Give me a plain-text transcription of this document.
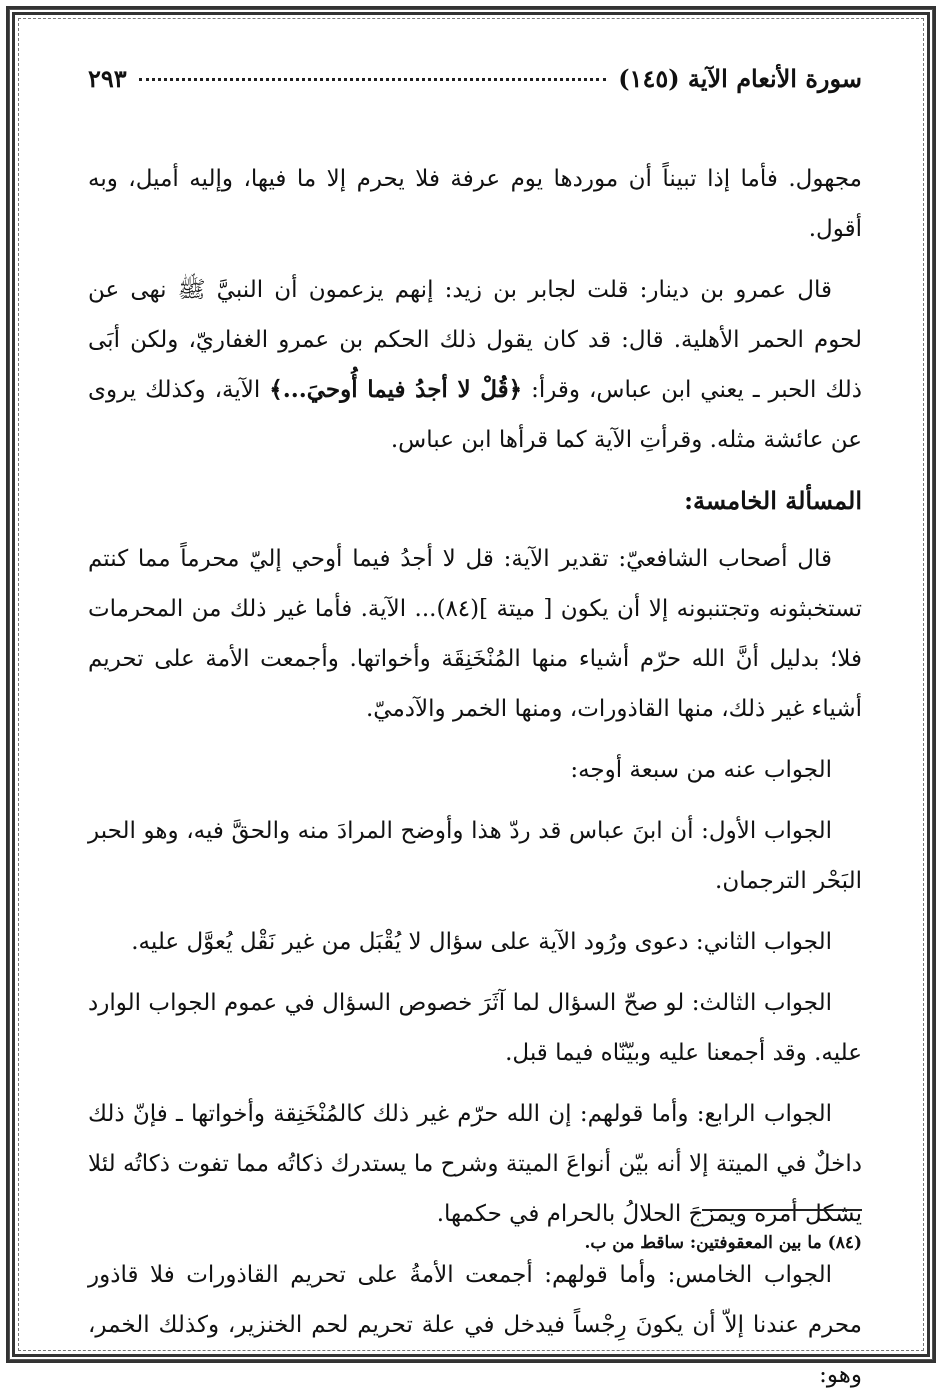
سورة الأنعام الآية (١٤٥)
٢٩٣

مجهول. فأما إذا تبيناً أن موردها يوم عرفة فلا يحرم إلا ما فيها، وإليه أميل، وبه أقول.

قال عمرو بن دينار: قلت لجابر بن زيد: إنهم يزعمون أن النبيَّ ﷺ نهى عن لحوم الحمر الأهلية. قال: قد كان يقول ذلك الحكم بن عمرو الغفاريّ، ولكن أبَى ذلك الحبر ـ يعني ابن عباس، وقرأ: ﴿قُلْ لا أجدُ فيما أُوحيَ...﴾ الآية، وكذلك يروى عن عائشة مثله. وقرأتِ الآية كما قرأها ابن عباس.

المسألة الخامسة:

قال أصحاب الشافعيّ: تقدير الآية: قل لا أجدُ فيما أوحي إليّ محرماً مما كنتم تستخبثونه وتجتنبونه إلا أن يكون [ ميتة ](٨٤)... الآية. فأما غير ذلك من المحرمات فلا؛ بدليل أنَّ الله حرّم أشياء منها المُنْخَنِقَة وأخواتها. وأجمعت الأمة على تحريم أشياء غير ذلك، منها القاذورات، ومنها الخمر والآدميّ.

الجواب عنه من سبعة أوجه:

الجواب الأول: أن ابنَ عباس قد ردّ هذا وأوضح المرادَ منه والحقَّ فيه، وهو الحبر البَحْر الترجمان.

الجواب الثاني: دعوى ورُود الآية على سؤال لا يُقْبَل من غير نَقْل يُعوَّل عليه.

الجواب الثالث: لو صحّ السؤال لما آثَرَ خصوص السؤال في عموم الجواب الوارد عليه. وقد أجمعنا عليه وبيّنّاه فيما قبل.

الجواب الرابع: وأما قولهم: إن الله حرّم غير ذلك كالمُنْخَنِقة وأخواتها ـ فإنّ ذلك داخلٌ في الميتة إلا أنه بيّن أنواعَ الميتة وشرح ما يستدرك ذكاتُه مما تفوت ذكاتُه لئلا يشكل أمره ويمزجَ الحلالُ بالحرام في حكمها.

الجواب الخامس: وأما قولهم: أجمعت الأمةُ على تحريم القاذورات فلا قاذور محرم عندنا إلاّ أن يكونَ رِجْساً فيدخل في علة تحريم لحم الخنزير، وكذلك الخمر، وهو:

(٨٤) ما بين المعقوفتين: ساقط من ب.
